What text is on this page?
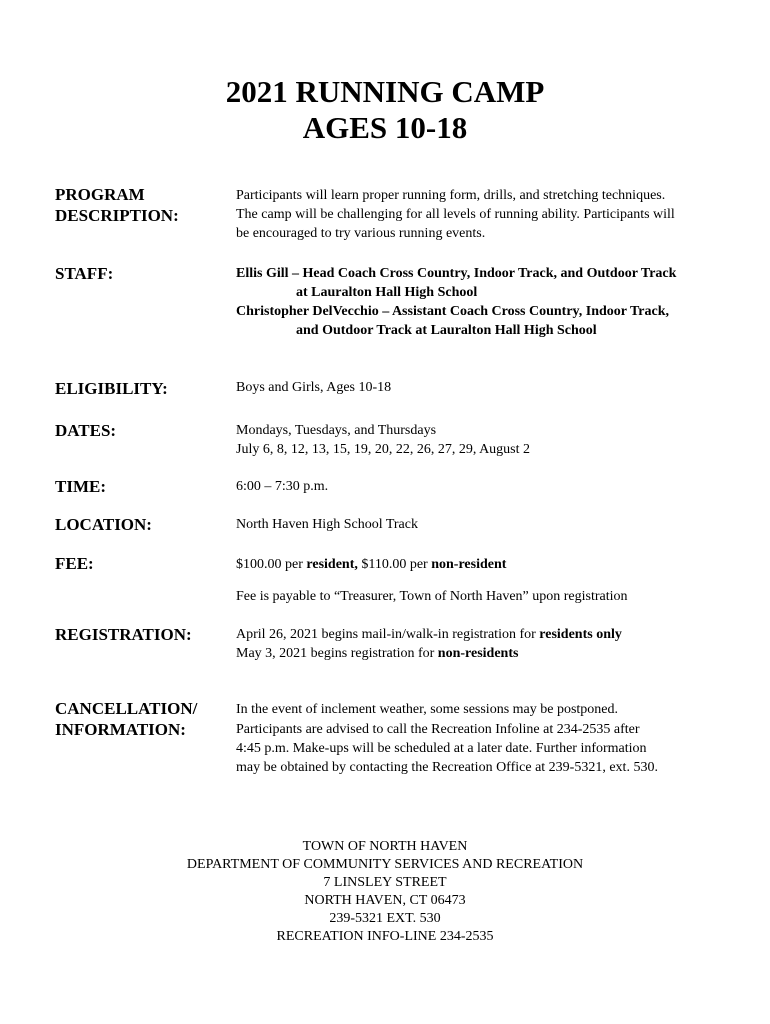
2021 RUNNING CAMP
AGES 10-18
PROGRAM
DESCRIPTION:
Participants will learn proper running form, drills, and stretching techniques.
The camp will be challenging for all levels of running ability. Participants will
be encouraged to try various running events.
STAFF:	Ellis Gill – Head Coach Cross Country, Indoor Track, and Outdoor Track
at Lauralton Hall High School
Christopher DelVecchio – Assistant Coach Cross Country, Indoor Track,
and Outdoor Track at Lauralton Hall High School
ELIGIBILITY:	Boys and Girls, Ages 10-18
DATES:	Mondays, Tuesdays, and Thursdays
July 6, 8, 12, 13, 15, 19, 20, 22, 26, 27, 29, August 2
TIME:	6:00 – 7:30 p.m.
LOCATION:	North Haven High School Track
FEE:	$100.00 per resident, $110.00 per non-resident
Fee is payable to “Treasurer, Town of North Haven” upon registration
REGISTRATION:	April 26, 2021 begins mail-in/walk-in registration for residents only
May 3, 2021 begins registration for non-residents
CANCELLATION/
INFORMATION:
In the event of inclement weather, some sessions may be postponed.
Participants are advised to call the Recreation Infoline at 234-2535 after
4:45 p.m. Make-ups will be scheduled at a later date. Further information
may be obtained by contacting the Recreation Office at 239-5321, ext. 530.
TOWN OF NORTH HAVEN
DEPARTMENT OF COMMUNITY SERVICES AND RECREATION
7 LINSLEY STREET
NORTH HAVEN, CT 06473
239-5321 EXT. 530
RECREATION INFO-LINE 234-2535
